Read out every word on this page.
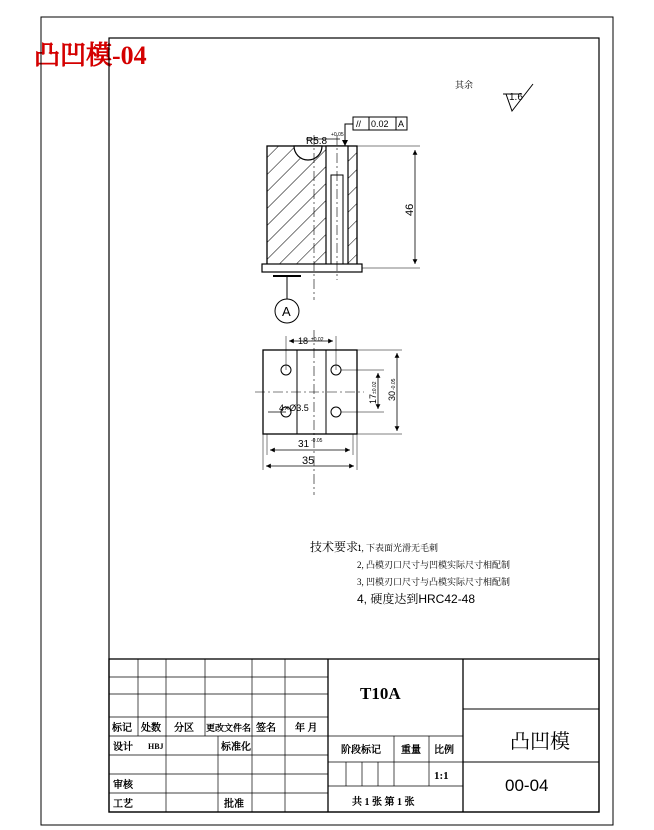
凸凹模-04
其余
1.6
// 0.02 A
R5.8
+0.05
46
A
18 ±0.02
4×Ø3.5
17
±0.02
30
-0.05
31 -0.05
35
技术要求:
1, 下表面光滑无毛刺
2, 凸模刃口尺寸与凹模实际尺寸相配制
3, 凹模刃口尺寸与凸模实际尺寸相配制
4, 硬度达到HRC42-48
T10A
凸凹模
00-04
标记 处数 分区 更改文件名 签名 年 月
设计 HBJ	标准化
审核
工艺	批准
阶段标记 重量 比例
1:1
共 1 张 第 1 张
